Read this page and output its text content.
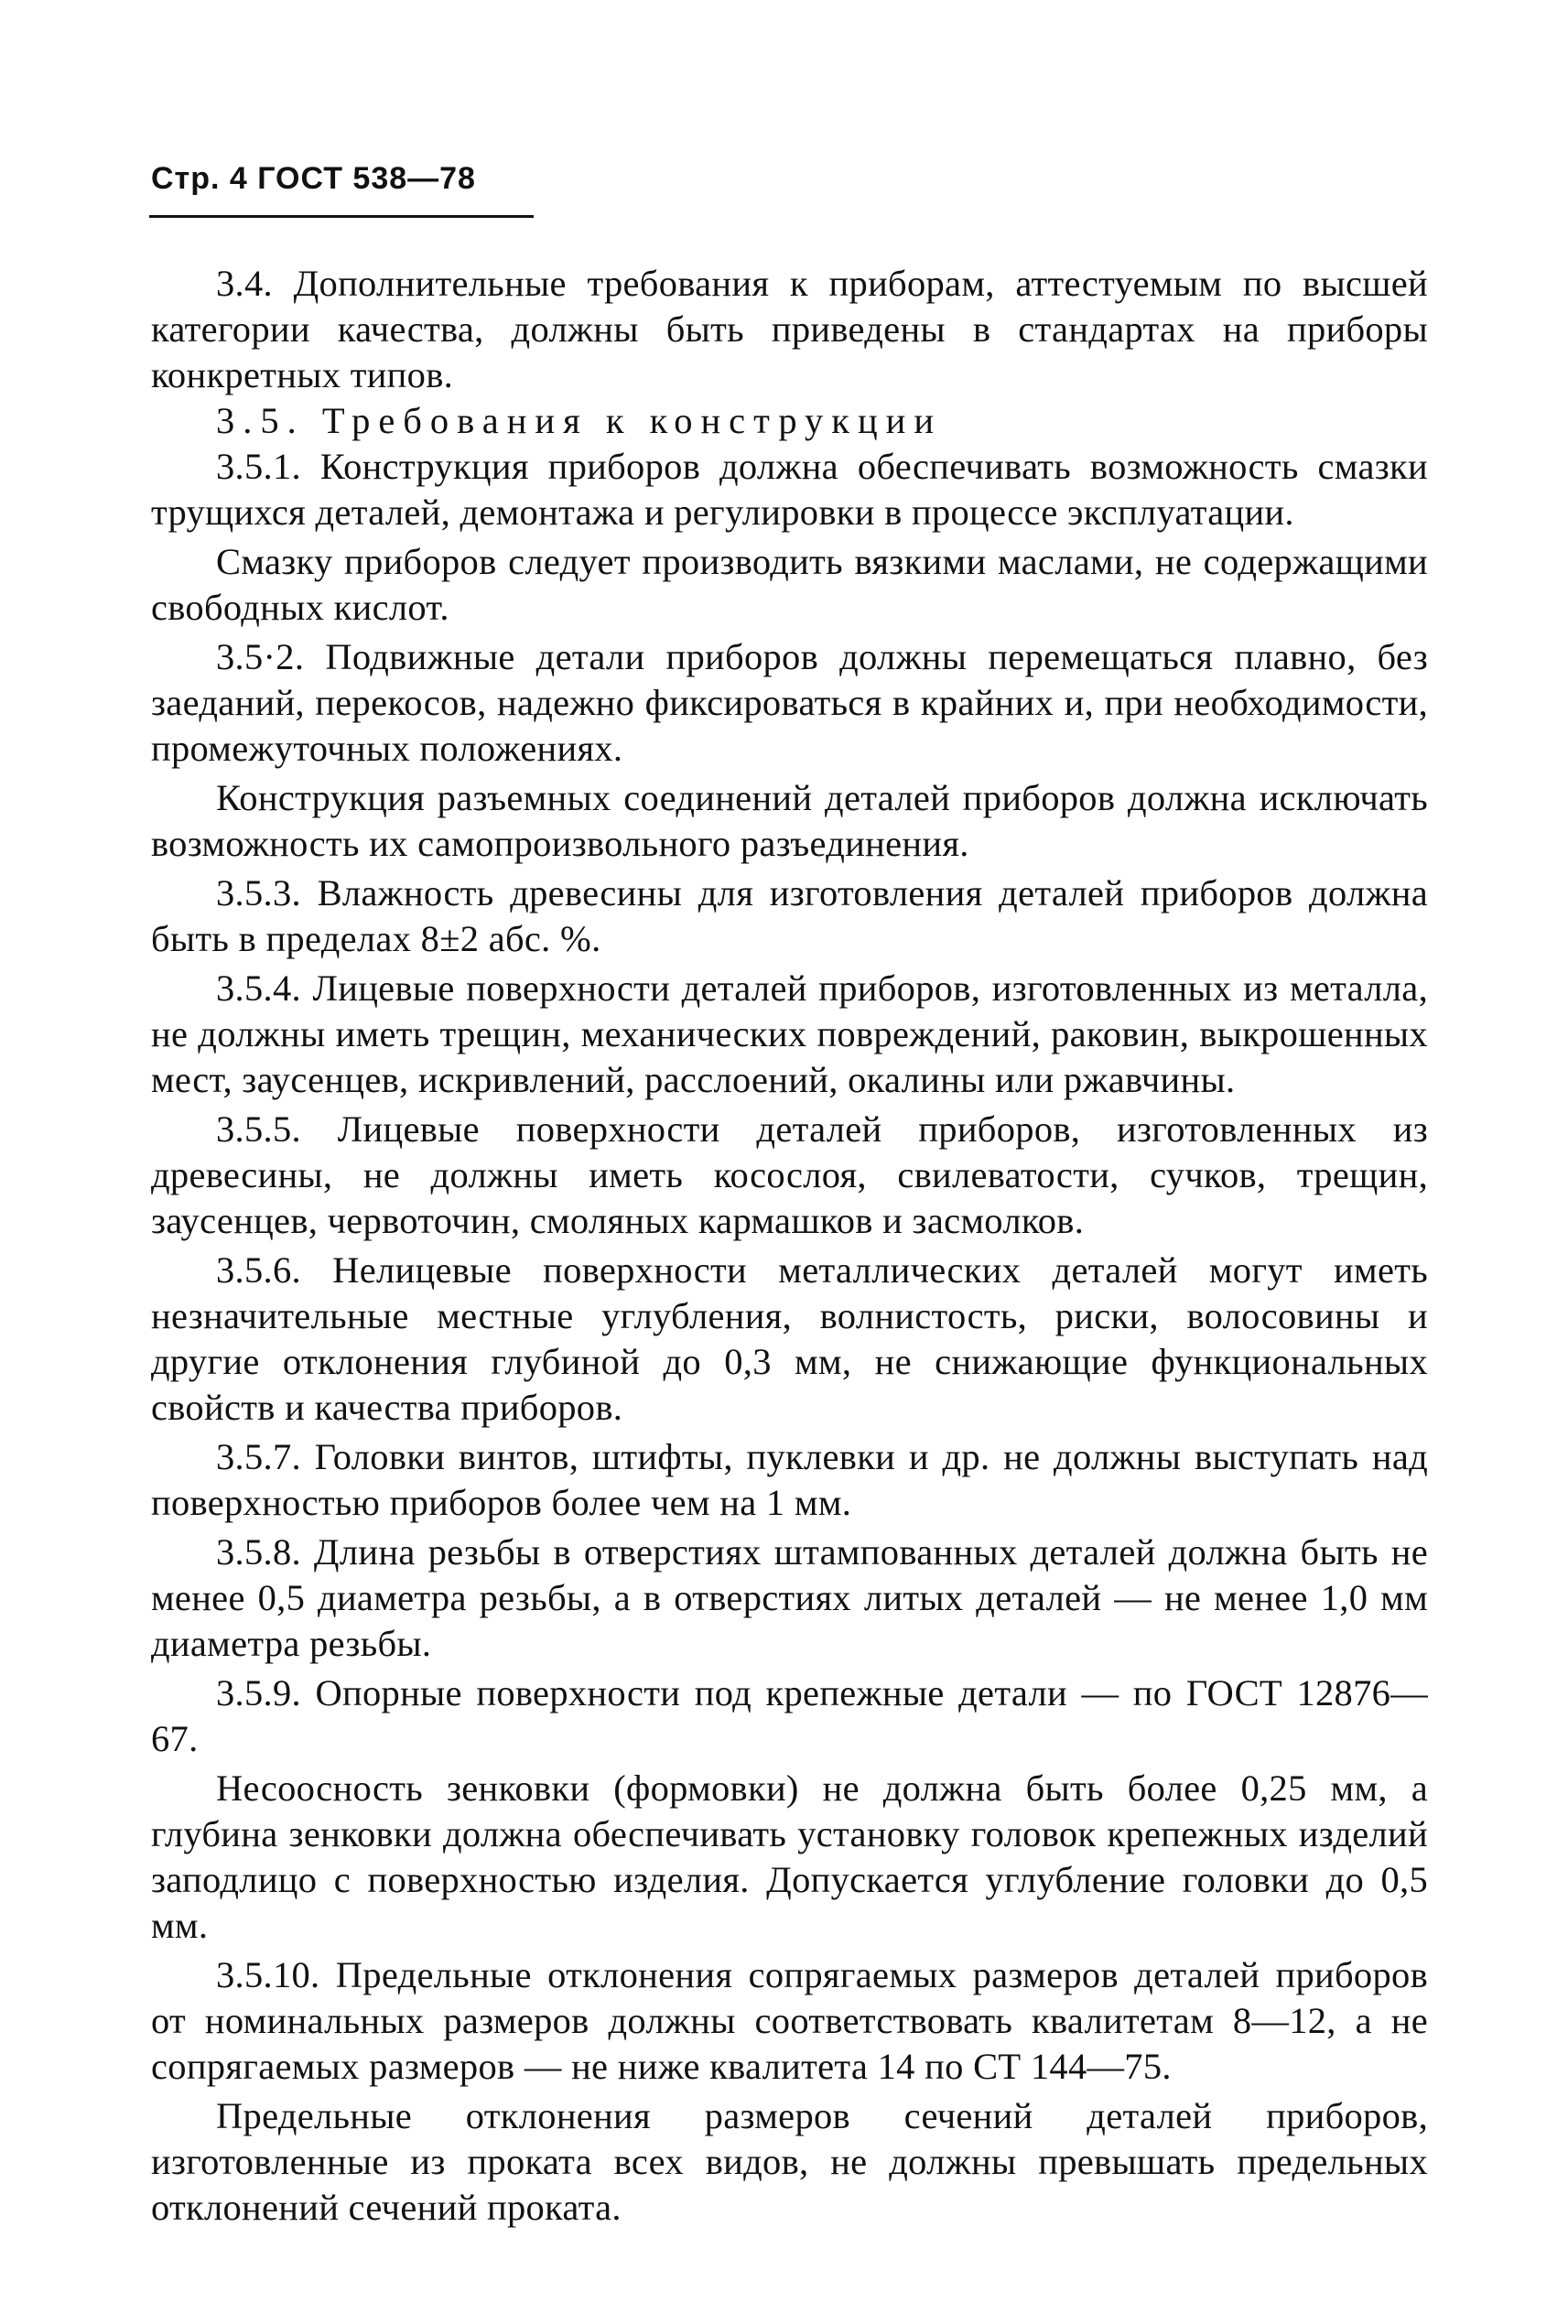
Стр. 4 ГОСТ 538—78

3.4. Дополнительные требования к приборам, аттестуемым по высшей категории качества, должны быть приведены в стандартах на приборы конкретных типов.

3.5. Требования к конструкции

3.5.1. Конструкция приборов должна обеспечивать возможность смазки трущихся деталей, демонтажа и регулировки в процессе эксплуатации.

Смазку приборов следует производить вязкими маслами, не содержащими свободных кислот.

3.5·2. Подвижные детали приборов должны перемещаться плавно, без заеданий, перекосов, надежно фиксироваться в крайних и, при необходимости, промежуточных положениях.

Конструкция разъемных соединений деталей приборов должна исключать возможность их самопроизвольного разъединения.

3.5.3. Влажность древесины для изготовления деталей приборов должна быть в пределах 8±2 абс. %.

3.5.4. Лицевые поверхности деталей приборов, изготовленных из металла, не должны иметь трещин, механических повреждений, раковин, выкрошенных мест, заусенцев, искривлений, расслоений, окалины или ржавчины.

3.5.5. Лицевые поверхности деталей приборов, изготовленных из древесины, не должны иметь косослоя, свилеватости, сучков, трещин, заусенцев, червоточин, смоляных кармашков и засмолков.

3.5.6. Нелицевые поверхности металлических деталей могут иметь незначительные местные углубления, волнистость, риски, волосовины и другие отклонения глубиной до 0,3 мм, не снижающие функциональных свойств и качества приборов.

3.5.7. Головки винтов, штифты, пуклевки и др. не должны выступать над поверхностью приборов более чем на 1 мм.

3.5.8. Длина резьбы в отверстиях штампованных деталей должна быть не менее 0,5 диаметра резьбы, а в отверстиях литых деталей — не менее 1,0 мм диаметра резьбы.

3.5.9. Опорные поверхности под крепежные детали — по ГОСТ 12876—67.

Несоосность зенковки (формовки) не должна быть более 0,25 мм, а глубина зенковки должна обеспечивать установку головок крепежных изделий заподлицо с поверхностью изделия. Допускается углубление головки до 0,5 мм.

3.5.10. Предельные отклонения сопрягаемых размеров деталей приборов от номинальных размеров должны соответствовать квалитетам 8—12, а не сопрягаемых размеров — не ниже квалитета 14 по СТ 144—75.

Предельные отклонения размеров сечений деталей приборов, изготовленные из проката всех видов, не должны превышать предельных отклонений сечений проката.
